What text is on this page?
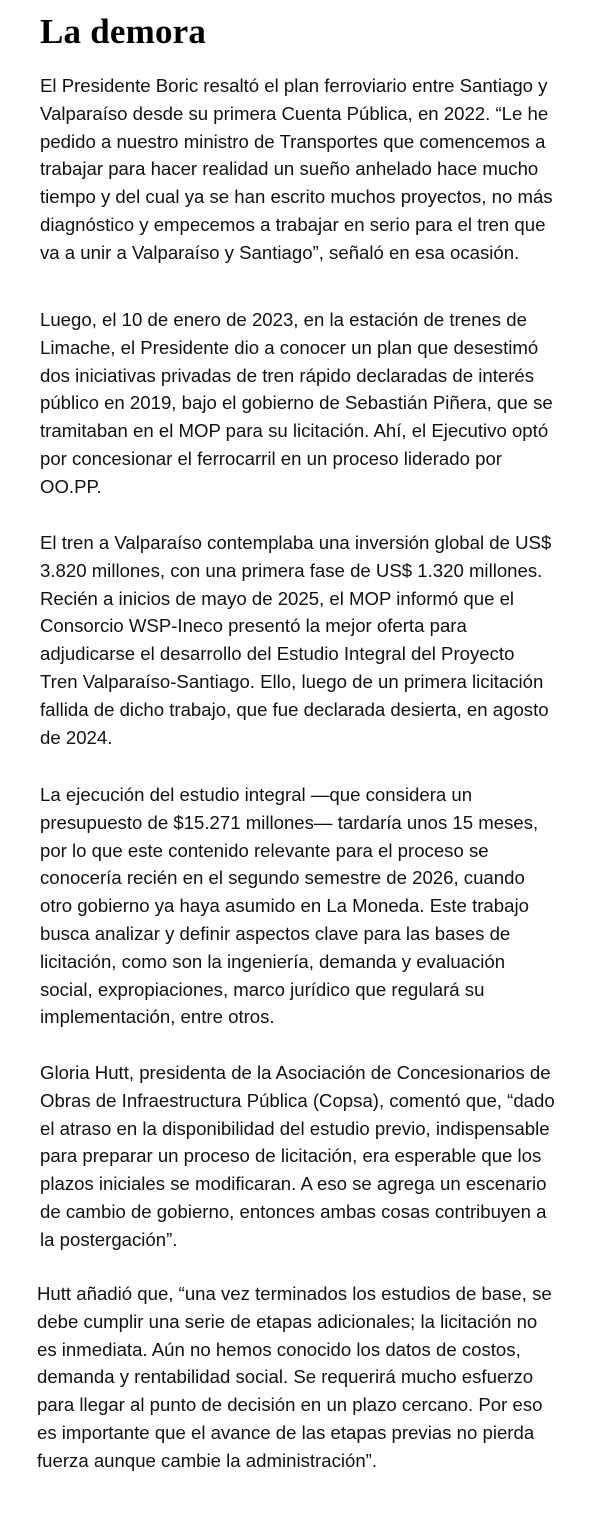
La demora
El Presidente Boric resaltó el plan ferroviario entre Santiago y
Valparaíso desde su primera Cuenta Pública, en 2022. “Le he
pedido a nuestro ministro de Transportes que comencemos a
trabajar para hacer realidad un sueño anhelado hace mucho
tiempo y del cual ya se han escrito muchos proyectos, no más
diagnóstico y empecemos a trabajar en serio para el tren que
va a unir a Valparaíso y Santiago”, señaló en esa ocasión.
Luego, el 10 de enero de 2023, en la estación de trenes de
Limache, el Presidente dio a conocer un plan que desestimó
dos iniciativas privadas de tren rápido declaradas de interés
público en 2019, bajo el gobierno de Sebastián Piñera, que se
tramitaban en el MOP para su licitación. Ahí, el Ejecutivo optó
por concesionar el ferrocarril en un proceso liderado por
OO.PP.
El tren a Valparaíso contemplaba una inversión global de US$
3.820 millones, con una primera fase de US$ 1.320 millones.
Recién a inicios de mayo de 2025, el MOP informó que el
Consorcio WSP-Ineco presentó la mejor oferta para
adjudicarse el desarrollo del Estudio Integral del Proyecto
Tren Valparaíso-Santiago. Ello, luego de un primera licitación
fallida de dicho trabajo, que fue declarada desierta, en agosto
de 2024.
La ejecución del estudio integral —que considera un
presupuesto de $15.271 millones— tardaría unos 15 meses,
por lo que este contenido relevante para el proceso se
conocería recién en el segundo semestre de 2026, cuando
otro gobierno ya haya asumido en La Moneda. Este trabajo
busca analizar y definir aspectos clave para las bases de
licitación, como son la ingeniería, demanda y evaluación
social, expropiaciones, marco jurídico que regulará su
implementación, entre otros.
Gloria Hutt, presidenta de la Asociación de Concesionarios de
Obras de Infraestructura Pública (Copsa), comentó que, “dado
el atraso en la disponibilidad del estudio previo, indispensable
para preparar un proceso de licitación, era esperable que los
plazos iniciales se modificaran. A eso se agrega un escenario
de cambio de gobierno, entonces ambas cosas contribuyen a
la postergación”.
Hutt añadió que, “una vez terminados los estudios de base, se
debe cumplir una serie de etapas adicionales; la licitación no
es inmediata. Aún no hemos conocido los datos de costos,
demanda y rentabilidad social. Se requerirá mucho esfuerzo
para llegar al punto de decisión en un plazo cercano. Por eso
es importante que el avance de las etapas previas no pierda
fuerza aunque cambie la administración”.
